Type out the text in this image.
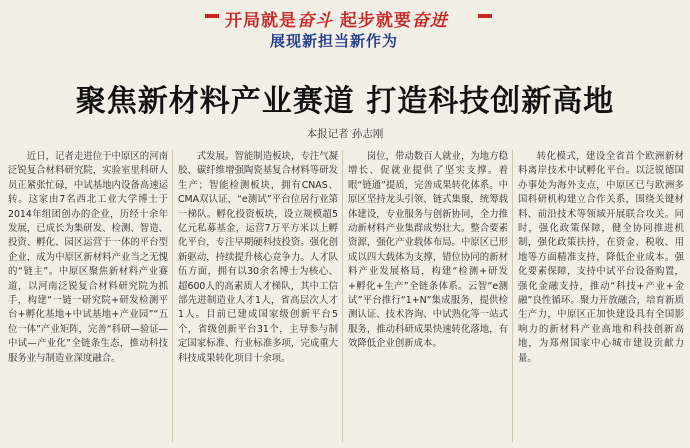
开局就是奋斗 起步就要奋进
展现新担当新作为
聚焦新材料产业赛道 打造科技创新高地
本报记者 孙志刚

近日，记者走进位于中原区的河南泛锐复合材料研究院，实验室里科研人员正紧张忙碌，中试基地内设备高速运转。这家由7名西北工业大学博士于2014年组团创办的企业，历经十余年发展，已成长为集研发、检测、智造、投资、孵化、园区运营于一体的平台型企业，成为中原区新材料产业当之无愧的“链主”。中原区聚焦新材料产业赛道，以河南泛锐复合材料研究院为抓手，构建“一链一研究院+研发检测平台+孵化基地+中试基地+产业园”“五位一体”产业矩阵，完善“科研—验证—中试—产业化”全链条生态，推动科技服务业与制造业深度融合。

式发展。智能制造板块，专注气凝胶、碳纤维增强陶瓷基复合材料等研发生产；智能检测板块，拥有CNAS、CMA双认证，“e测试”平台位居行业第一梯队。孵化投资板块，设立规模超5亿元私募基金，运营7万平方米以上孵化平台，专注早期硬科技投资。强化创新驱动，持续提升核心竞争力。人才队伍方面，拥有以30余名博士为核心、超600人的高素质人才梯队，其中工信部先进制造业人才1人，省高层次人才1人。目前已建成国家级创新平台5个，省级创新平台31个，主导参与制定国家标准、行业标准多项，完成重大科技成果转化项目十余项。

岗位，带动数百人就业，为地方稳增长、促就业提供了坚实支撑。着眼“链通”提质，完善成果转化体系。中原区坚持龙头引领、链式集聚，统筹载体建设，专业服务与创新协同，全力推动新材料产业集群成势壮大。整合要素资源，强化产业载体布局。中原区已形成以四大载体为支撑，错位协同的新材料产业发展格局，构建“检测+研发+孵化+生产”全链条体系。云智“e测试”平台推行“1+N”集成服务，提供检测认证、技术咨询、中试熟化等一站式服务，推动科研成果快速转化落地，有效降低企业创新成本。

转化模式，建设全省首个欧洲新材料离岸技术中试孵化平台。以泛锐德国办事处为海外支点，中原区已与欧洲多国科研机构建立合作关系，围绕关键材料、前沿技术等领域开展联合攻关。同时，强化政策保障，健全协同推进机制，强化政策扶持，在资金、税收、用地等方面精准支持，降低企业成本。强化要素保障，支持中试平台设备购置，强化金融支持，推动“科技+产业+金融”良性循环。聚力开放融合，培育新质生产力，中原区正加快建设具有全国影响力的新材料产业高地和科技创新高地，为郑州国家中心城市建设贡献力量。
